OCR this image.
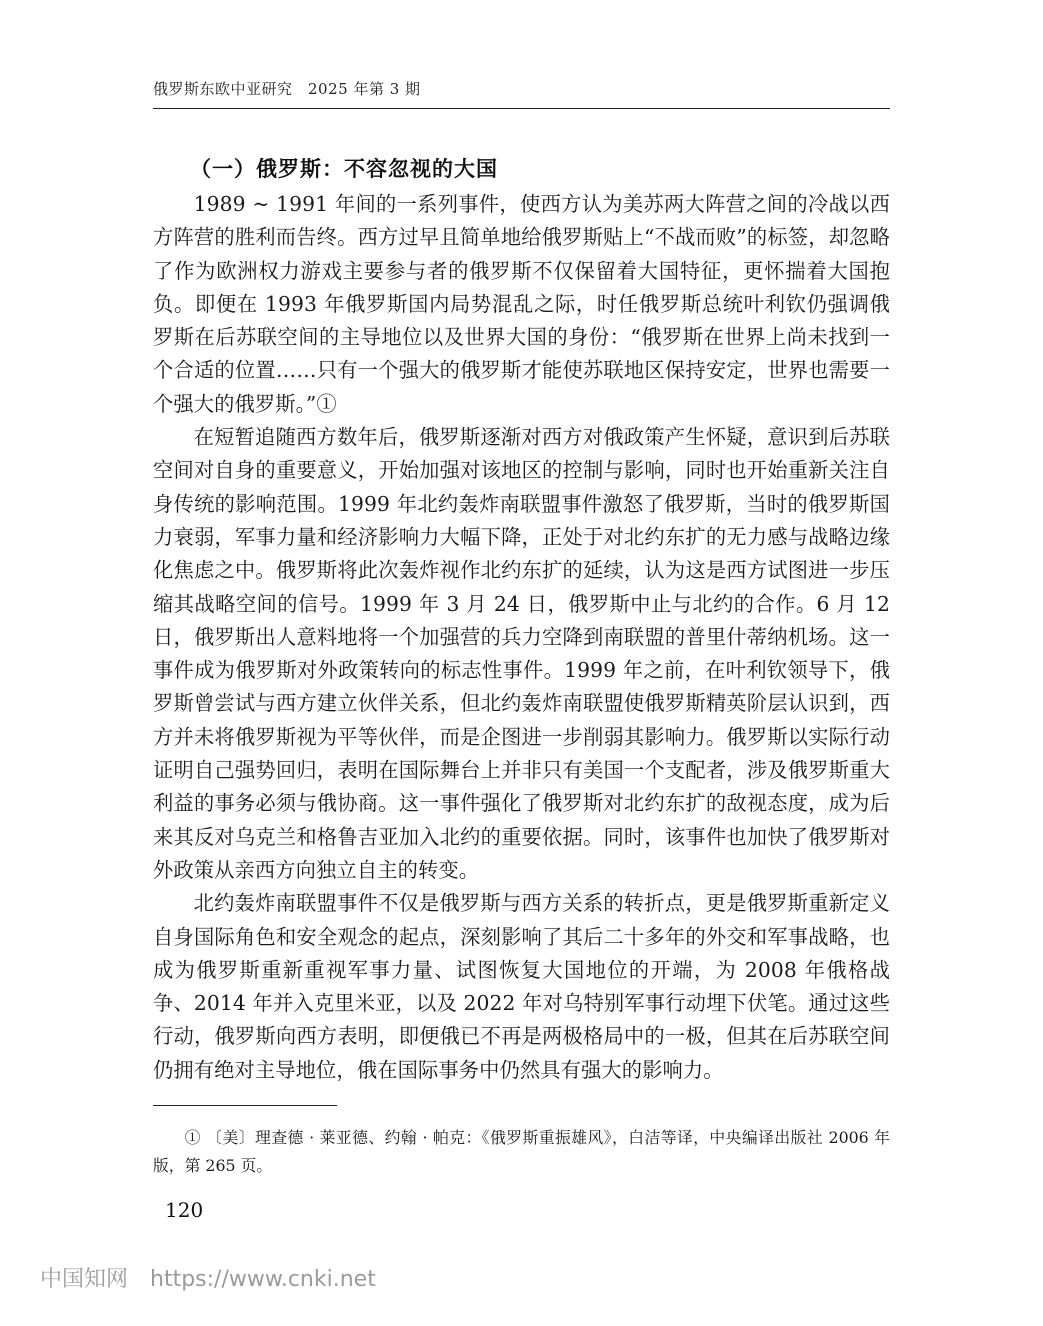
俄罗斯东欧中亚研究　2025 年第 3 期
（一）俄罗斯：不容忽视的大国

1989 ~ 1991 年间的一系列事件，使西方认为美苏两大阵营之间的冷战以西方阵营的胜利而告终。西方过早且简单地给俄罗斯贴上“不战而败”的标签，却忽略了作为欧洲权力游戏主要参与者的俄罗斯不仅保留着大国特征，更怀揣着大国抱负。即便在 1993 年俄罗斯国内局势混乱之际，时任俄罗斯总统叶利钦仍强调俄罗斯在后苏联空间的主导地位以及世界大国的身份：“俄罗斯在世界上尚未找到一个合适的位置……只有一个强大的俄罗斯才能使苏联地区保持安定，世界也需要一个强大的俄罗斯。”①

在短暂追随西方数年后，俄罗斯逐渐对西方对俄政策产生怀疑，意识到后苏联空间对自身的重要意义，开始加强对该地区的控制与影响，同时也开始重新关注自身传统的影响范围。1999 年北约轰炸南联盟事件激怒了俄罗斯，当时的俄罗斯国力衰弱，军事力量和经济影响力大幅下降，正处于对北约东扩的无力感与战略边缘化焦虑之中。俄罗斯将此次轰炸视作北约东扩的延续，认为这是西方试图进一步压缩其战略空间的信号。1999 年 3 月 24 日，俄罗斯中止与北约的合作。6 月 12 日，俄罗斯出人意料地将一个加强营的兵力空降到南联盟的普里什蒂纳机场。这一事件成为俄罗斯对外政策转向的标志性事件。1999 年之前，在叶利钦领导下，俄罗斯曾尝试与西方建立伙伴关系，但北约轰炸南联盟使俄罗斯精英阶层认识到，西方并未将俄罗斯视为平等伙伴，而是企图进一步削弱其影响力。俄罗斯以实际行动证明自己强势回归，表明在国际舞台上并非只有美国一个支配者，涉及俄罗斯重大利益的事务必须与俄协商。这一事件强化了俄罗斯对北约东扩的敌视态度，成为后来其反对乌克兰和格鲁吉亚加入北约的重要依据。同时，该事件也加快了俄罗斯对外政策从亲西方向独立自主的转变。

北约轰炸南联盟事件不仅是俄罗斯与西方关系的转折点，更是俄罗斯重新定义自身国际角色和安全观念的起点，深刻影响了其后二十多年的外交和军事战略，也成为俄罗斯重新重视军事力量、试图恢复大国地位的开端，为 2008 年俄格战争、2014 年并入克里米亚，以及 2022 年对乌特别军事行动埋下伏笔。通过这些行动，俄罗斯向西方表明，即便俄已不再是两极格局中的一极，但其在后苏联空间仍拥有绝对主导地位，俄在国际事务中仍然具有强大的影响力。

① 〔美〕理查德 · 莱亚德、约翰 · 帕克：《俄罗斯重振雄风》，白洁等译，中央编译出版社 2006 年版，第 265 页。

120
中国知网 https://www.cnki.net
